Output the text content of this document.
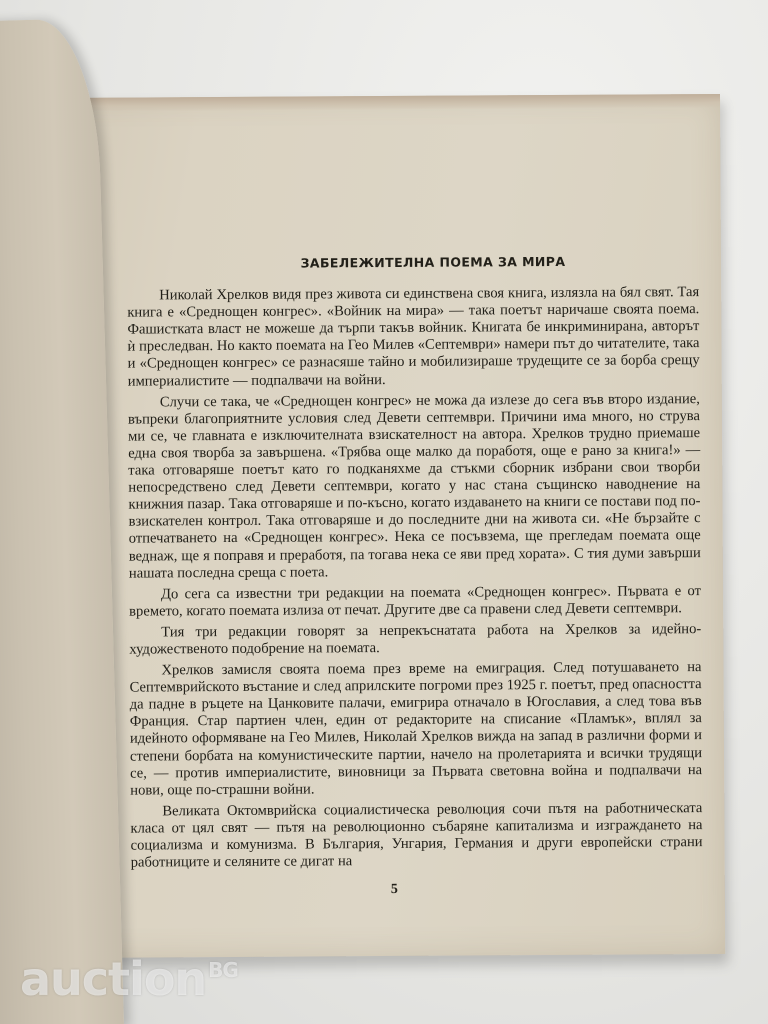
ЗАБЕЛЕЖИТЕЛНА ПОЕМА ЗА МИРА

Николай Хрелков видя през живота си единствена своя книга, излязла на бял свят. Тая книга е «Среднощен конгрес». «Войник на мира» — така поетът наричаше своята поема. Фашистката власт не можеше да търпи такъв войник. Книгата бе инкриминирана, авторът ѝ преследван. Но както поемата на Гео Милев «Септември» намери път до читателите, така и «Среднощен конгрес» се разнасяше тайно и мобилизираше трудещите се за борба срещу империалистите — подпалвачи на войни.

Случи се така, че «Среднощен конгрес» не можа да излезе до сега във второ издание, въпреки благоприятните условия след Девети септември. Причини има много, но струва ми се, че главната е изключителната взискателност на автора. Хрелков трудно приемаше една своя творба за завършена. «Трябва още малко да поработя, още е рано за книга!» — така отговаряше поетът като го подканяхме да стъкми сборник избрани свои творби непосредствено след Девети септември, когато у нас стана същинско наводнение на книжния пазар. Така отговаряше и по-късно, когато издаването на книги се постави под по-взискателен контрол. Така отговаряше и до последните дни на живота си. «Не бързайте с отпечатването на «Среднощен конгрес». Нека се посъвзема, ще прегледам поемата още веднаж, ще я поправя и преработя, па тогава нека се яви пред хората». С тия думи завърши нашата последна среща с поета.

До сега са известни три редакции на поемата «Среднощен конгрес». Първата е от времето, когато поемата излиза от печат. Другите две са правени след Девети септември.

Тия три редакции говорят за непрекъснатата работа на Хрелков за идейно-художественото подобрение на поемата.

Хрелков замисля своята поема през време на емиграция. След потушаването на Септемврийското въстание и след априлските погроми през 1925 г. поетът, пред опасността да падне в ръцете на Цанковите палачи, емигрира отначало в Югославия, а след това във Франция. Стар партиен член, един от редакторите на списание «Пламък», вплял за идейното оформяване на Гео Милев, Николай Хрелков вижда на запад в различни форми и степени борбата на комунистическите партии, начело на пролетарията и всички трудящи се, — против империалистите, виновници за Първата световна война и подпалвачи на нови, още по-страшни войни.

Великата Октомврийска социалистическа революция сочи пътя на работническата класа от цял свят — пътя на революционно събаряне капитализма и изграждането на социализма и комунизма. В България, Унгария, Германия и други европейски страни работниците и селяните се дигат на

5
auction $^{BG}$
